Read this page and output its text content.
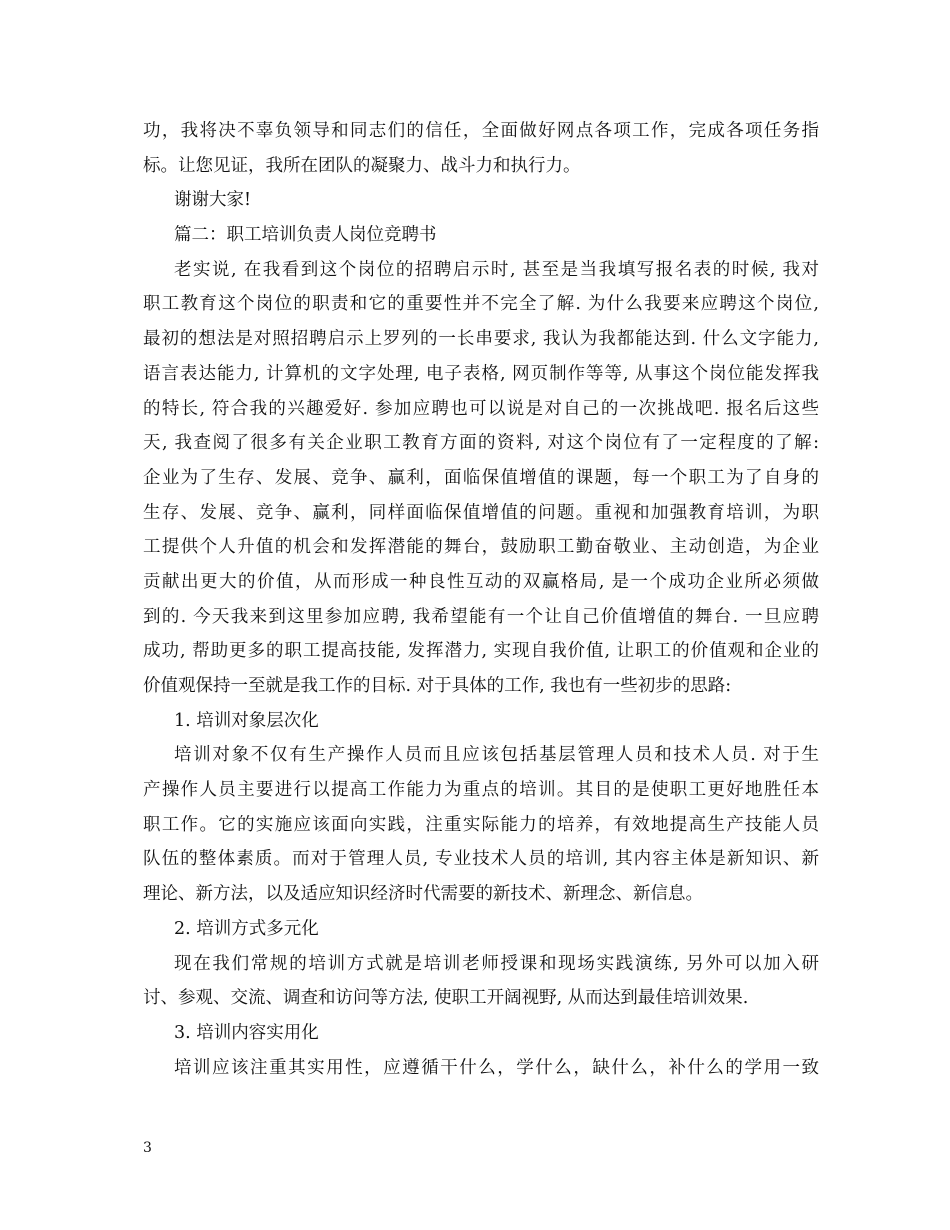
功，我将决不辜负领导和同志们的信任，全面做好网点各项工作，完成各项任务指
标。让您见证，我所在团队的凝聚力、战斗力和执行力。
谢谢大家!
篇二：职工培训负责人岗位竞聘书
老实说, 在我看到这个岗位的招聘启示时, 甚至是当我填写报名表的时候, 我对
职工教育这个岗位的职责和它的重要性并不完全了解. 为什么我要来应聘这个岗位,
最初的想法是对照招聘启示上罗列的一长串要求, 我认为我都能达到. 什么文字能力,
语言表达能力, 计算机的文字处理, 电子表格, 网页制作等等, 从事这个岗位能发挥我
的特长, 符合我的兴趣爱好. 参加应聘也可以说是对自己的一次挑战吧. 报名后这些
天, 我查阅了很多有关企业职工教育方面的资料, 对这个岗位有了一定程度的了解:
企业为了生存、发展、竞争、赢利，面临保值增值的课题，每一个职工为了自身的
生存、发展、竞争、赢利，同样面临保值增值的问题。重视和加强教育培训，为职
工提供个人升值的机会和发挥潜能的舞台，鼓励职工勤奋敬业、主动创造，为企业
贡献出更大的价值，从而形成一种良性互动的双赢格局, 是一个成功企业所必须做
到的. 今天我来到这里参加应聘, 我希望能有一个让自己价值增值的舞台. 一旦应聘
成功, 帮助更多的职工提高技能, 发挥潜力, 实现自我价值, 让职工的价值观和企业的
价值观保持一至就是我工作的目标. 对于具体的工作, 我也有一些初步的思路:
1. 培训对象层次化
培训对象不仅有生产操作人员而且应该包括基层管理人员和技术人员. 对于生
产操作人员主要进行以提高工作能力为重点的培训。其目的是使职工更好地胜任本
职工作。它的实施应该面向实践，注重实际能力的培养，有效地提高生产技能人员
队伍的整体素质。而对于管理人员, 专业技术人员的培训, 其内容主体是新知识、新
理论、新方法，以及适应知识经济时代需要的新技术、新理念、新信息。
2. 培训方式多元化
现在我们常规的培训方式就是培训老师授课和现场实践演练, 另外可以加入研
讨、参观、交流、调查和访问等方法, 使职工开阔视野, 从而达到最佳培训效果.
3. 培训内容实用化
培训应该注重其实用性，应遵循干什么，学什么，缺什么，补什么的学用一致
3
